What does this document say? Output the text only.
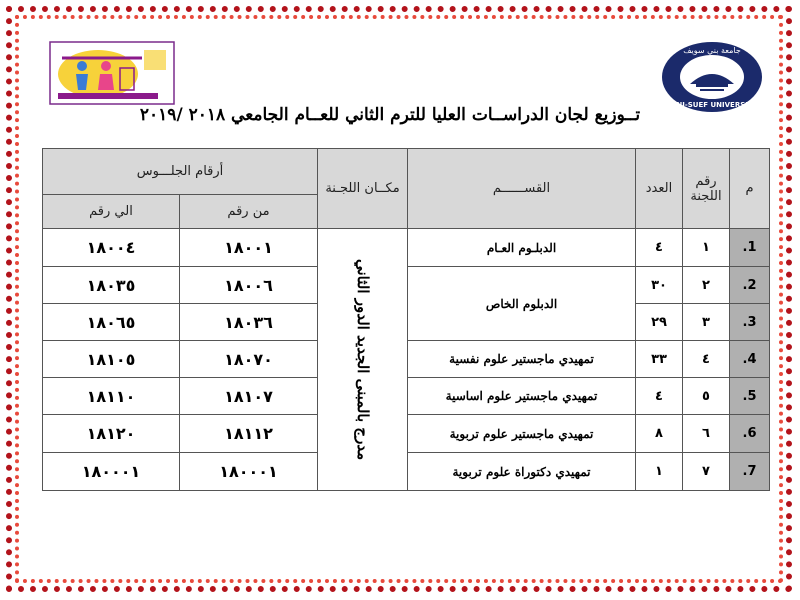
جامعة بني سويف
BENI-SUEF UNIVERSITY
تــوزيع لجان الدراســات العليا للترم الثاني للعــام الجامعي ٢٠١٨ /٢٠١٩
م	رقم اللجنة	العدد	القســــــم	مكــان اللجـنة	أرقام الجلـــوس	
					من رقم	الي رقم
.1	١	٤	الدبلـوم العـام	مدرج بالمبنى الجديد الدور الثاني	١٨٠٠١	١٨٠٠٤
.2	٢	٣٠	الدبلوم الخاص		١٨٠٠٦	١٨٠٣٥
.3	٣	٢٩			١٨٠٣٦	١٨٠٦٥
.4	٤	٣٣	تمهيدي ماجستير علوم نفسية		١٨٠٧٠	١٨١٠٥
.5	٥	٤	تمهيدي ماجستير علوم اساسية		١٨١٠٧	١٨١١٠
.6	٦	٨	تمهيدي ماجستير علوم تربوية		١٨١١٢	١٨١٢٠
.7	٧	١	تمهيدي دكتوراة علوم تربوية		١٨٠٠٠١	١٨٠٠٠١
